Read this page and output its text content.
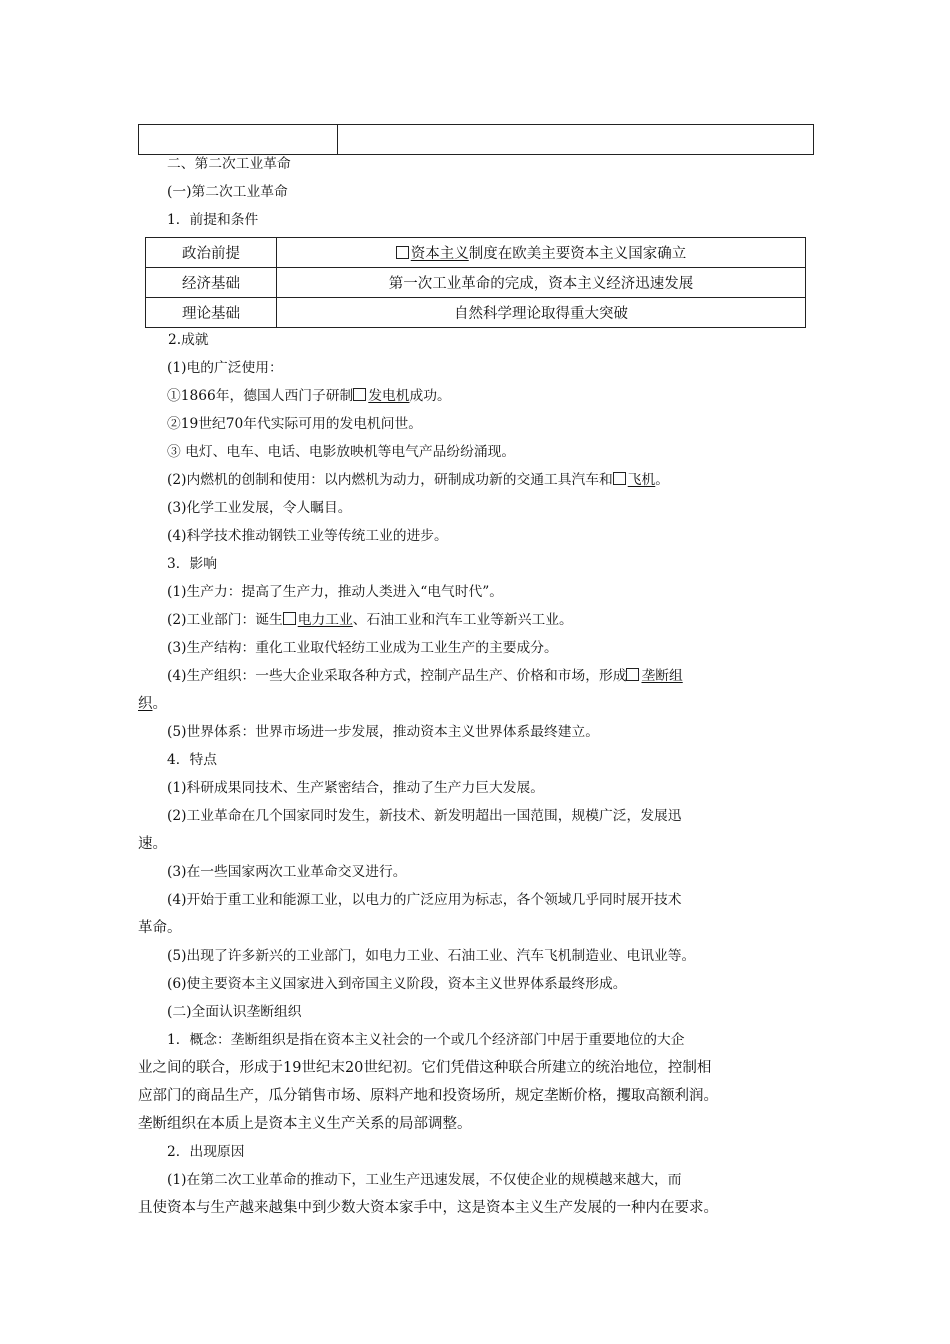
二、第二次工业革命
(一)第二次工业革命
1．前提和条件
政治前提	资本主义制度在欧美主要资本主义国家确立
经济基础	第一次工业革命的完成，资本主义经济迅速发展
理论基础	自然科学理论取得重大突破
2.成就
(1)电的广泛使用：
①1866年，德国人西门子研制 发电机成功。
②19世纪70年代实际可用的发电机问世。
③ 电灯、电车、电话、电影放映机等电气产品纷纷涌现。
(2)内燃机的创制和使用：以内燃机为动力，研制成功新的交通工具汽车和 飞机。
(3)化学工业发展，令人瞩目。
(4)科学技术推动钢铁工业等传统工业的进步。
3．影响
(1)生产力：提高了生产力，推动人类进入“电气时代”。
(2)工业部门：诞生 电力工业、石油工业和汽车工业等新兴工业。
(3)生产结构：重化工业取代轻纺工业成为工业生产的主要成分。
(4)生产组织：一些大企业采取各种方式，控制产品生产、价格和市场，形成 垄断组
织。
(5)世界体系：世界市场进一步发展，推动资本主义世界体系最终建立。
4．特点
(1)科研成果同技术、生产紧密结合，推动了生产力巨大发展。
(2)工业革命在几个国家同时发生，新技术、新发明超出一国范围，规模广泛，发展迅
速。
(3)在一些国家两次工业革命交叉进行。
(4)开始于重工业和能源工业，以电力的广泛应用为标志，各个领域几乎同时展开技术
革命。
(5)出现了许多新兴的工业部门，如电力工业、石油工业、汽车飞机制造业、电讯业等。
(6)使主要资本主义国家进入到帝国主义阶段，资本主义世界体系最终形成。
(二)全面认识垄断组织
1．概念：垄断组织是指在资本主义社会的一个或几个经济部门中居于重要地位的大企
业之间的联合，形成于19世纪末20世纪初。它们凭借这种联合所建立的统治地位，控制相
应部门的商品生产，瓜分销售市场、原料产地和投资场所，规定垄断价格，攫取高额利润。
垄断组织在本质上是资本主义生产关系的局部调整。
2．出现原因
(1)在第二次工业革命的推动下，工业生产迅速发展，不仅使企业的规模越来越大，而
且使资本与生产越来越集中到少数大资本家手中，这是资本主义生产发展的一种内在要求。
